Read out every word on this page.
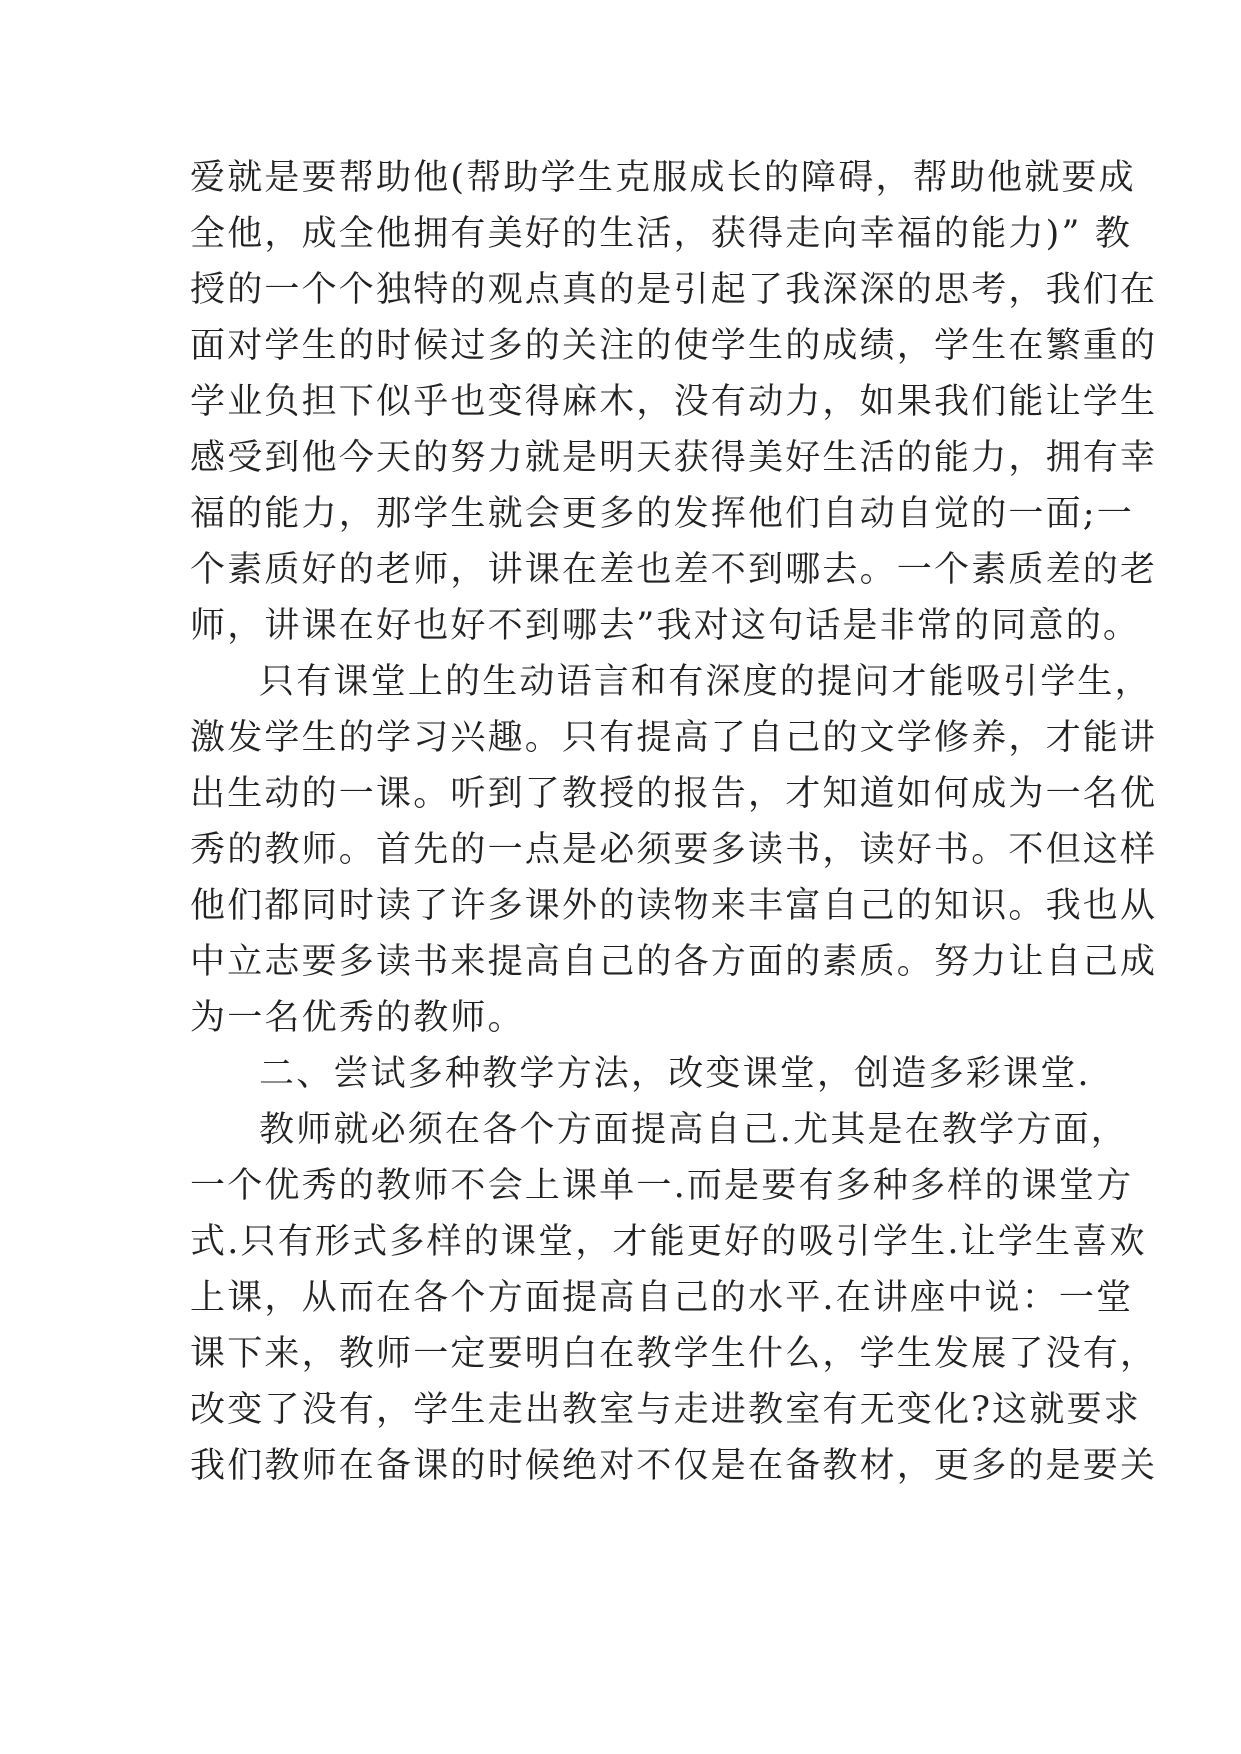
爱就是要帮助他(帮助学生克服成长的障碍，帮助他就要成
全他，成全他拥有美好的生活，获得走向幸福的能力)” 教
授的一个个独特的观点真的是引起了我深深的思考，我们在
面对学生的时候过多的关注的使学生的成绩，学生在繁重的
学业负担下似乎也变得麻木，没有动力，如果我们能让学生
感受到他今天的努力就是明天获得美好生活的能力，拥有幸
福的能力，那学生就会更多的发挥他们自动自觉的一面;一
个素质好的老师，讲课在差也差不到哪去。一个素质差的老
师，讲课在好也好不到哪去”我对这句话是非常的同意的。
只有课堂上的生动语言和有深度的提问才能吸引学生，
激发学生的学习兴趣。只有提高了自己的文学修养，才能讲
出生动的一课。听到了教授的报告，才知道如何成为一名优
秀的教师。首先的一点是必须要多读书，读好书。不但这样
他们都同时读了许多课外的读物来丰富自己的知识。我也从
中立志要多读书来提高自己的各方面的素质。努力让自己成
为一名优秀的教师。
二、尝试多种教学方法，改变课堂，创造多彩课堂.
教师就必须在各个方面提高自己.尤其是在教学方面，
一个优秀的教师不会上课单一.而是要有多种多样的课堂方
式.只有形式多样的课堂，才能更好的吸引学生.让学生喜欢
上课，从而在各个方面提高自己的水平.在讲座中说：一堂
课下来，教师一定要明白在教学生什么，学生发展了没有，
改变了没有，学生走出教室与走进教室有无变化?这就要求
我们教师在备课的时候绝对不仅是在备教材，更多的是要关
